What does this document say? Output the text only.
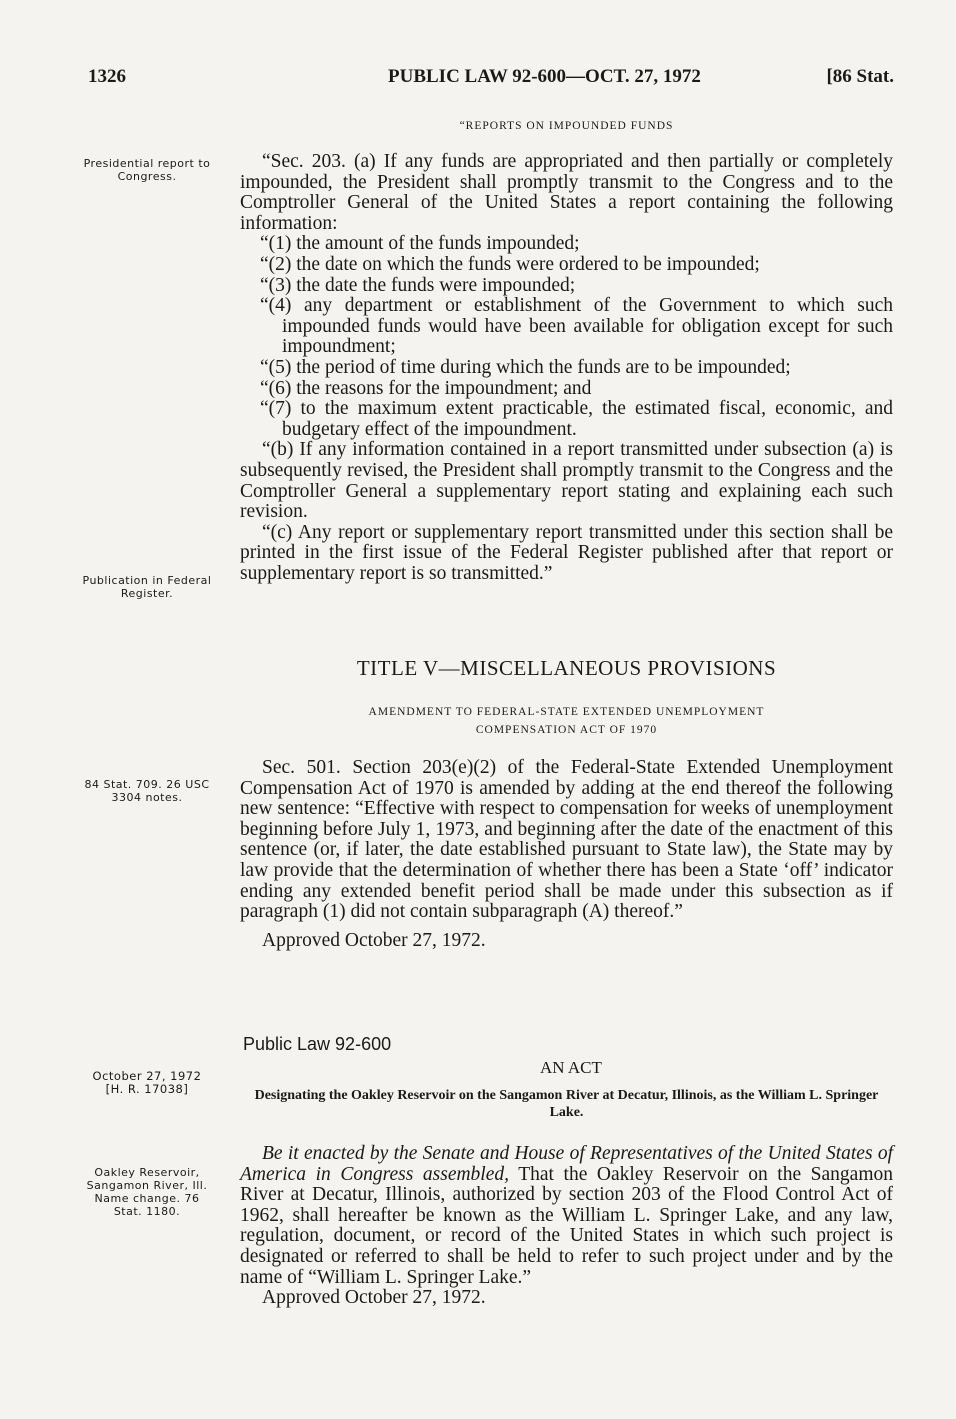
1326	PUBLIC LAW 92-600—OCT. 27, 1972	[86 Stat.
“REPORTS ON IMPOUNDED FUNDS
Presidential report to Congress.

“Sec. 203. (a) If any funds are appropriated and then partially or completely impounded, the President shall promptly transmit to the Congress and to the Comptroller General of the United States a report containing the following information:

“(1) the amount of the funds impounded;

“(2) the date on which the funds were ordered to be impounded;

“(3) the date the funds were impounded;

“(4) any department or establishment of the Government to which such impounded funds would have been available for obligation except for such impoundment;

“(5) the period of time during which the funds are to be impounded;

“(6) the reasons for the impoundment; and

“(7) to the maximum extent practicable, the estimated fiscal, economic, and budgetary effect of the impoundment.

“(b) If any information contained in a report transmitted under subsection (a) is subsequently revised, the President shall promptly transmit to the Congress and the Comptroller General a supplementary report stating and explaining each such revision.

“(c) Any report or supplementary report transmitted under this section shall be printed in the first issue of the Federal Register published after that report or supplementary report is so transmitted.”

Publication in Federal Register.
TITLE V—MISCELLANEOUS PROVISIONS
AMENDMENT TO FEDERAL-STATE EXTENDED UNEMPLOYMENT
COMPENSATION ACT OF 1970
84 Stat. 709. 26 USC 3304 notes.

Sec. 501. Section 203(e)(2) of the Federal-State Extended Unemployment Compensation Act of 1970 is amended by adding at the end thereof the following new sentence: “Effective with respect to compensation for weeks of unemployment beginning before July 1, 1973, and beginning after the date of the enactment of this sentence (or, if later, the date established pursuant to State law), the State may by law provide that the determination of whether there has been a State ‘off’ indicator ending any extended benefit period shall be made under this subsection as if paragraph (1) did not contain subparagraph (A) thereof.”

Approved October 27, 1972.

Public Law 92-600
AN ACT
October 27, 1972
[H. R. 17038]	Designating the Oakley Reservoir on the Sangamon River at Decatur, Illinois, as the William L. Springer Lake.
Oakley Reservoir, Sangamon River, Ill. Name change. 76 Stat. 1180.

Be it enacted by the Senate and House of Representatives of the United States of America in Congress assembled, That the Oakley Reservoir on the Sangamon River at Decatur, Illinois, authorized by section 203 of the Flood Control Act of 1962, shall hereafter be known as the William L. Springer Lake, and any law, regulation, document, or record of the United States in which such project is designated or referred to shall be held to refer to such project under and by the name of “William L. Springer Lake.”

Approved October 27, 1972.
